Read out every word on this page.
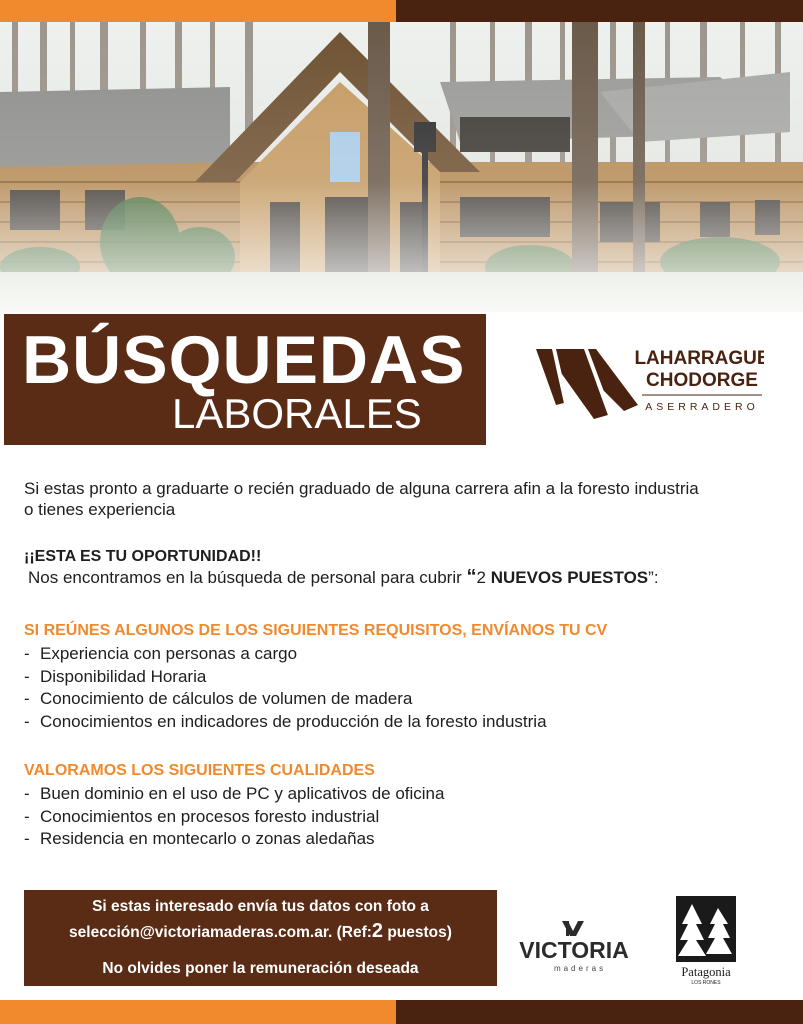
BÚSQUEDAS
LABORALES
LAHARRAGUE
CHODORGE
ASERRADERO
Si estas pronto a graduarte o recién graduado de alguna carrera afin a la foresto industria
o tienes experiencia
¡¡ESTA ES TU OPORTUNIDAD!!
Nos encontramos en la búsqueda de personal para cubrir “2 NUEVOS PUESTOS”:
SI REÚNES ALGUNOS DE LOS SIGUIENTES REQUISITOS, ENVÍANOS TU CV
- Experiencia con personas a cargo
- Disponibilidad Horaria
- Conocimiento de cálculos de volumen de madera
- Conocimientos en indicadores de producción de la foresto industria
VALORAMOS LOS SIGUIENTES CUALIDADES
- Buen dominio en el uso de PC y aplicativos de oficina
- Conocimientos en procesos foresto industrial
- Residencia en montecarlo o zonas aledañas
Si estas interesado envía tus datos con foto a
selección@victoriamaderas.com.ar. (Ref:2 puestos)
No olvides poner la remuneración deseada
VICTORIA
maderas	Patagonia
LOS RONES
